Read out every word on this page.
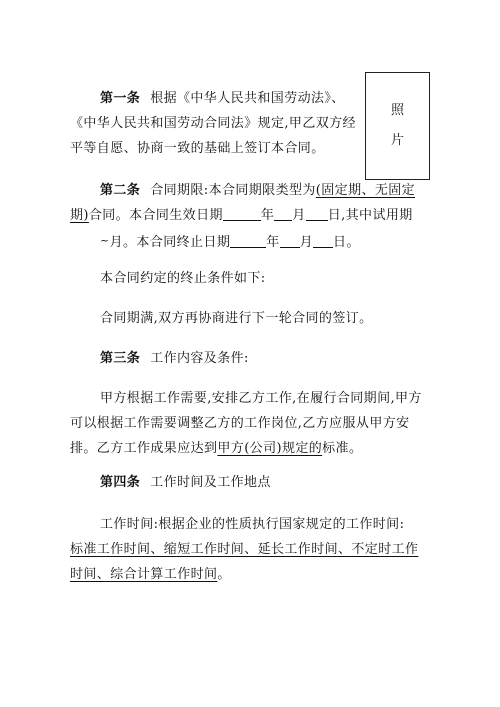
照
片

第一条 根据《中华人民共和国劳动法》、《中华人民共和国劳动合同法》规定,甲乙双方经平等自愿、协商一致的基础上签订本合同。

第二条 合同期限:本合同期限类型为(固定期、无固定期)合同。本合同生效日期	年 月 日,其中试用期~月。本合同终止日期	年 月 日。

本合同约定的终止条件如下:

合同期满,双方再协商进行下一轮合同的签订。

第三条 工作内容及条件:

甲方根据工作需要,安排乙方工作,在履行合同期间,甲方可以根据工作需要调整乙方的工作岗位,乙方应服从甲方安排。乙方工作成果应达到甲方(公司)规定的标准。

第四条 工作时间及工作地点

工作时间:根据企业的性质执行国家规定的工作时间:

标准工作时间、缩短工作时间、延长工作时间、不定时工作时间、综合计算工作时间。
